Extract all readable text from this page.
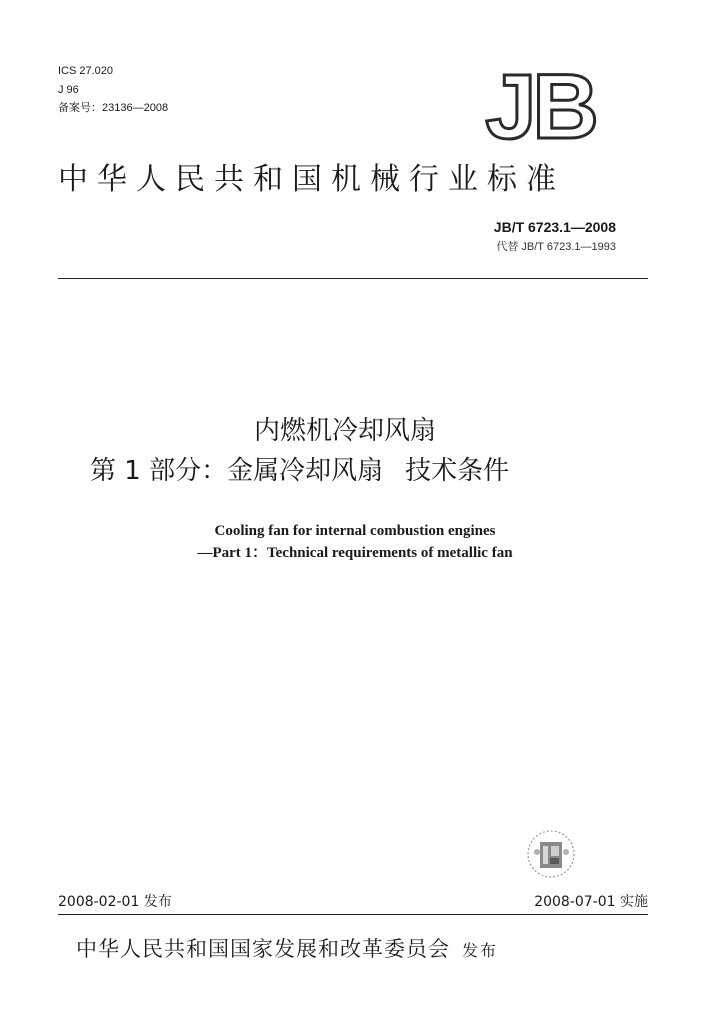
ICS 27.020
J 96
备案号：23136—2008	JB
中华人民共和国机械行业标准
JB/T 6723.1—2008
代替 JB/T 6723.1—1993
内燃机冷却风扇
第 1 部分：金属冷却风扇 技术条件
Cooling fan for internal combustion engines
—Part 1：Technical requirements of metallic fan
2008-02-01 发布	2008-07-01 实施
中华人民共和国国家发展和改革委员会 发布
